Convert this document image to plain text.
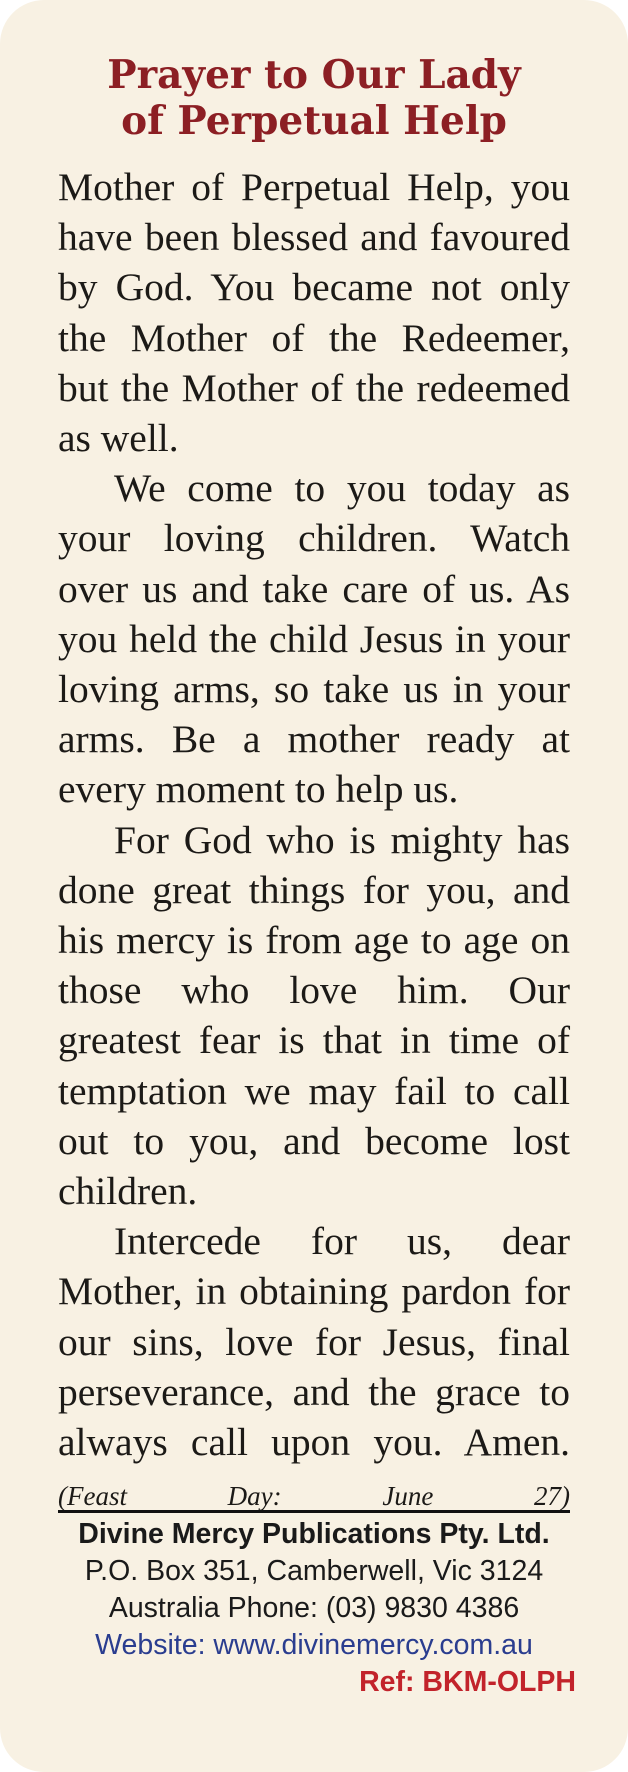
Prayer to Our Lady
of Perpetual Help

Mother of Perpetual Help, you have been blessed and favoured by God. You became not only the Mother of the Redeemer, but the Mother of the redeemed as well.

We come to you today as your loving children. Watch over us and take care of us. As you held the child Jesus in your loving arms, so take us in your arms. Be a mother ready at every moment to help us.

For God who is mighty has done great things for you, and his mercy is from age to age on those who love him. Our greatest fear is that in time of temptation we may fail to call out to you, and become lost children.

Intercede for us, dear Mother, in obtaining pardon for our sins, love for Jesus, final perseverance, and the grace to always call upon you. Amen. (Feast Day: June 27)

Divine Mercy Publications Pty. Ltd.
P.O. Box 351, Camberwell, Vic 3124
Australia Phone: (03) 9830 4386
Website: www.divinemercy.com.au
Ref: BKM-OLPH
